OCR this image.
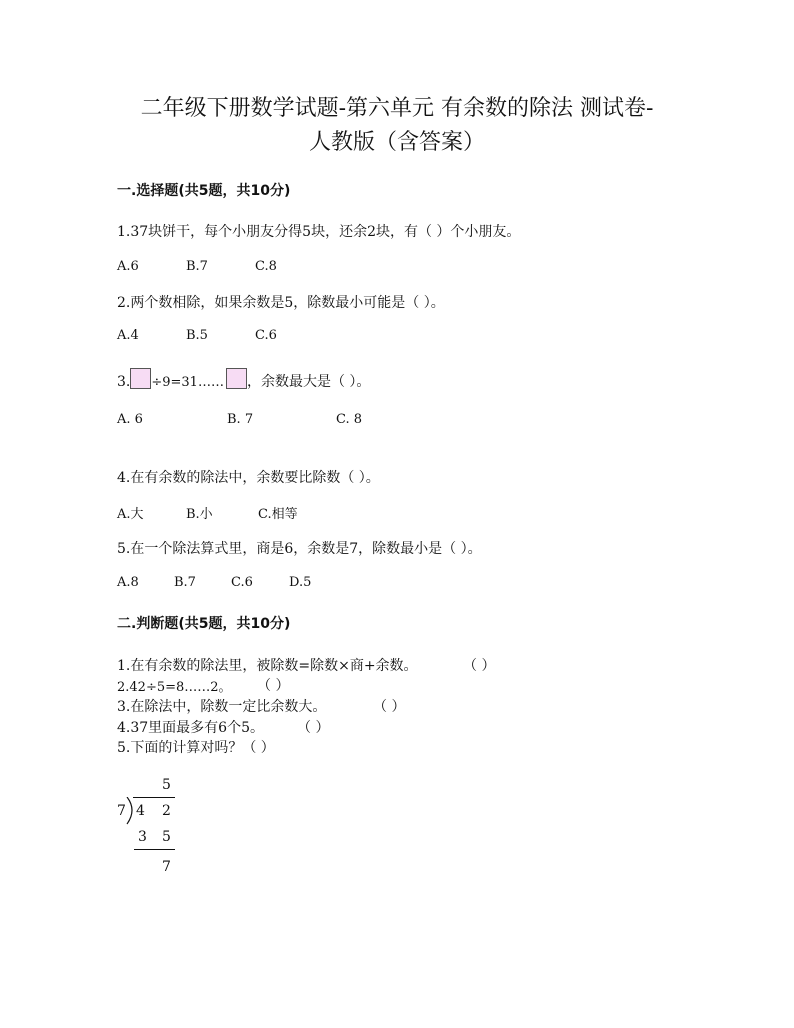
二年级下册数学试题-第六单元 有余数的除法 测试卷-
人教版（含答案）
一.选择题(共5题，共10分)
1.37块饼干，每个小朋友分得5块，还余2块，有（ ）个小朋友。
A.6	B.7	C.8
2.两个数相除，如果余数是5，除数最小可能是（ ）。
A.4	B.5	C.6
3. ÷9=31…… ，余数最大是（ ）。
A. 6	B. 7	C. 8
4.在有余数的除法中，余数要比除数（ ）。
A.大	B.小	C.相等
5.在一个除法算式里，商是6，余数是7，除数最小是（ ）。
A.8	B.7	C.6	D.5
二.判断题(共5题，共10分)
1.在有余数的除法里，被除数=除数×商+余数。	（ ）
2.42÷5=8……2。 （ ）
3.在除法中，除数一定比余数大。	（ ）
4.37里面最多有6个5。 （ ）
5.下面的计算对吗？（ ）
5
7 4 2
3 5
7
